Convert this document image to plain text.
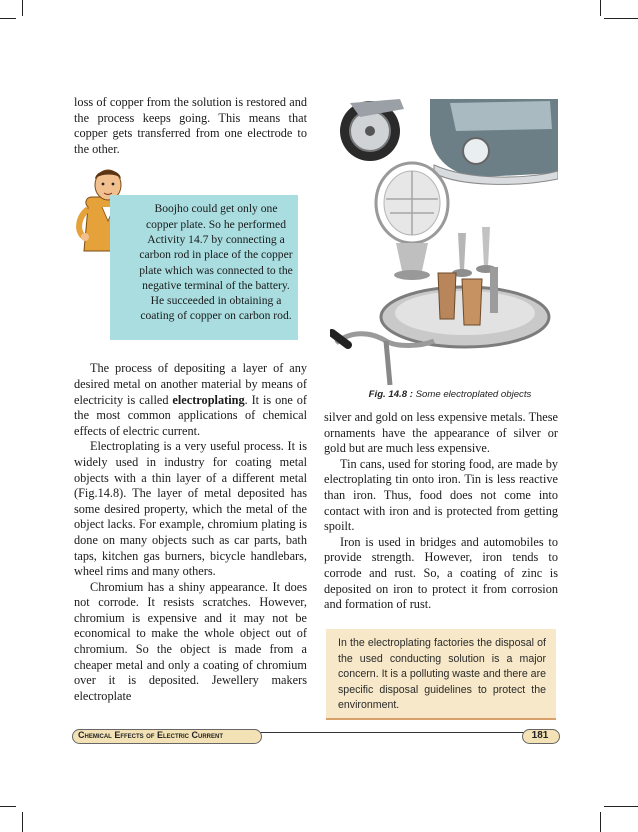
loss of copper from the solution is restored and the process keeps going. This means that copper gets transferred from one electrode to the other.

Boojho could get only one copper plate. So he performed Activity 14.7 by connecting a carbon rod in place of the copper plate which was connected to the negative terminal of the battery. He succeeded in obtaining a coating of copper on carbon rod.

The process of depositing a layer of any desired metal on another material by means of electricity is called electroplating. It is one of the most common applications of chemical effects of electric current.

Electroplating is a very useful process. It is widely used in industry for coating metal objects with a thin layer of a different metal (Fig.14.8). The layer of metal deposited has some desired property, which the metal of the object lacks. For example, chromium plating is done on many objects such as car parts, bath taps, kitchen gas burners, bicycle handlebars, wheel rims and many others.

Chromium has a shiny appearance. It does not corrode. It resists scratches. However, chromium is expensive and it may not be economical to make the whole object out of chromium. So the object is made from a cheaper metal and only a coating of chromium over it is deposited. Jewellery makers electroplate

Fig. 14.8 : Some electroplated objects

silver and gold on less expensive metals. These ornaments have the appearance of silver or gold but are much less expensive.

Tin cans, used for storing food, are made by electroplating tin onto iron. Tin is less reactive than iron. Thus, food does not come into contact with iron and is protected from getting spoilt.

Iron is used in bridges and automobiles to provide strength. However, iron tends to corrode and rust. So, a coating of zinc is deposited on iron to protect it from corrosion and formation of rust.

In the electroplating factories the disposal of the used conducting solution is a major concern. It is a polluting waste and there are specific disposal guidelines to protect the environment.
Chemical Effects of Electric Current	181
